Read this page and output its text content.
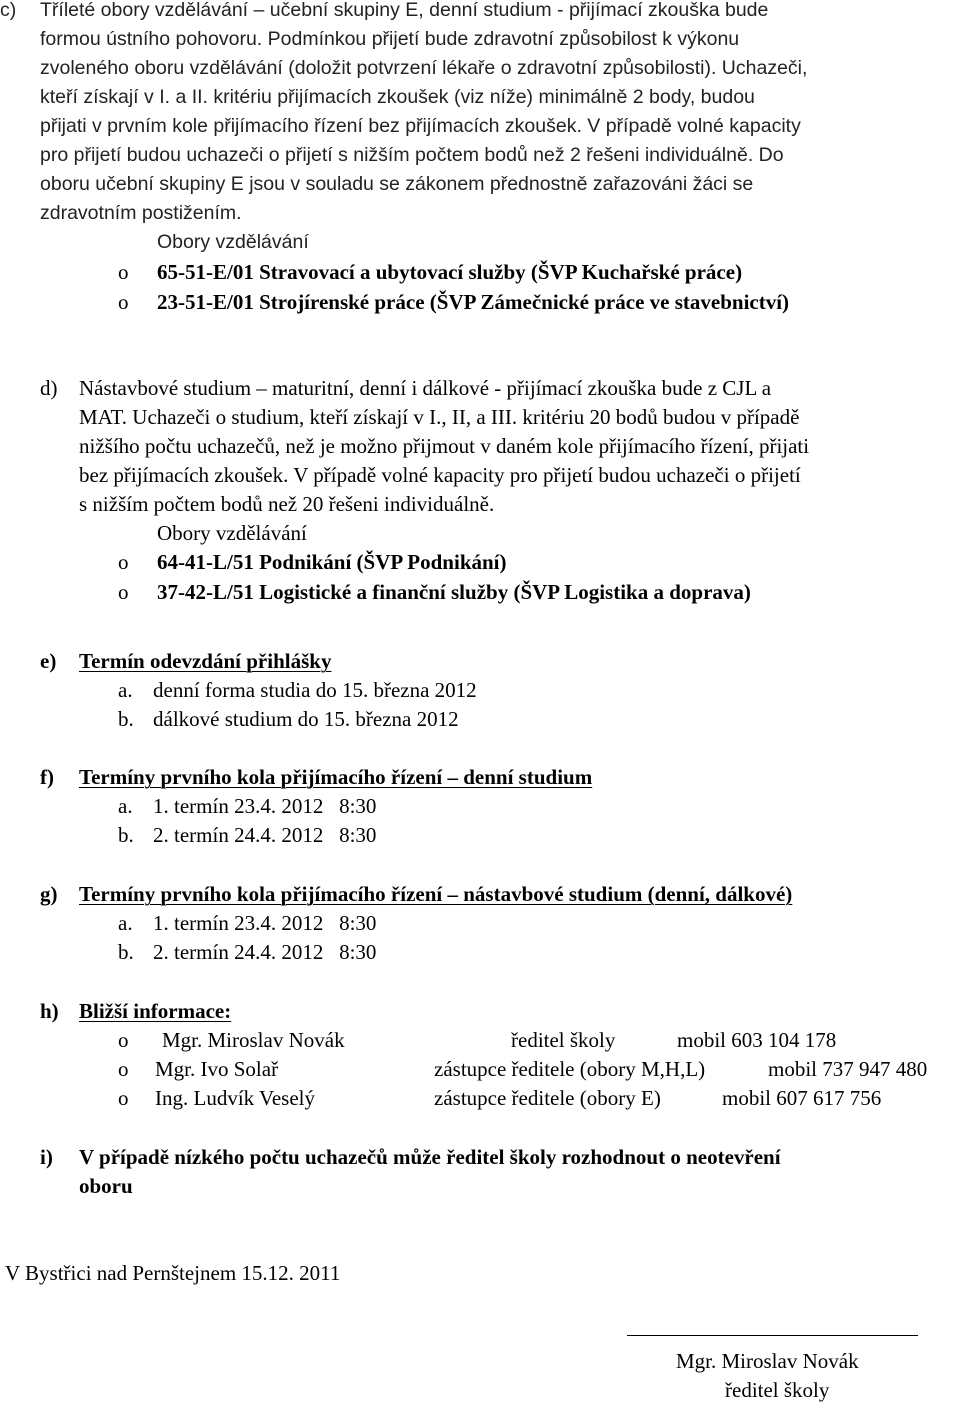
c) Tříleté obory vzdělávání – učební skupiny E, denní studium - přijímací zkouška bude
formou ústního pohovoru. Podmínkou přijetí bude zdravotní způsobilost k výkonu
zvoleného oboru vzdělávání (doložit potvrzení lékaře o zdravotní způsobilosti). Uchazeči,
kteří získají v I. a II. kritériu přijímacích zkoušek (viz níže) minimálně 2 body, budou
přijati v prvním kole přijímacího řízení bez přijímacích zkoušek. V případě volné kapacity
pro přijetí budou uchazeči o přijetí s nižším počtem bodů než 2 řešeni individuálně. Do
oboru učební skupiny E jsou v souladu se zákonem přednostně zařazováni žáci se
zdravotním postižením.
Obory vzdělávání
o 65-51-E/01 Stravovací a ubytovací služby (ŠVP Kuchařské práce)
o 23-51-E/01 Strojírenské práce (ŠVP Zámečnické práce ve stavebnictví)
d) Nástavbové studium – maturitní, denní i dálkové - přijímací zkouška bude z CJL a
MAT. Uchazeči o studium, kteří získají v I., II, a III. kritériu 20 bodů budou v případě
nižšího počtu uchazečů, než je možno přijmout v daném kole přijímacího řízení, přijati
bez přijímacích zkoušek. V případě volné kapacity pro přijetí budou uchazeči o přijetí
s nižším počtem bodů než 20 řešeni individuálně.
Obory vzdělávání
o 64-41-L/51 Podnikání (ŠVP Podnikání)
o 37-42-L/51 Logistické a finanční služby (ŠVP Logistika a doprava)
e) Termín odevzdání přihlášky
a. denní forma studia do 15. března 2012
b. dálkové studium do 15. března 2012
f) Termíny prvního kola přijímacího řízení – denní studium
a. 1. termín 23.4. 2012   8:30
b. 2. termín 24.4. 2012   8:30
g) Termíny prvního kola přijímacího řízení – nástavbové studium (denní, dálkové)
a. 1. termín 23.4. 2012   8:30
b. 2. termín 24.4. 2012   8:30
h) Bližší informace:
o Mgr. Miroslav Novák	ředitel školy	mobil 603 104 178
o Mgr. Ivo Solař	zástupce ředitele (obory M,H,L)	mobil 737 947 480
o Ing. Ludvík Veselý	zástupce ředitele (obory E)	mobil 607 617 756
i) V případě nízkého počtu uchazečů může ředitel školy rozhodnout o neotevření
oboru
V Bystřici nad Pernštejnem 15.12. 2011
Mgr. Miroslav Novák
ředitel školy
